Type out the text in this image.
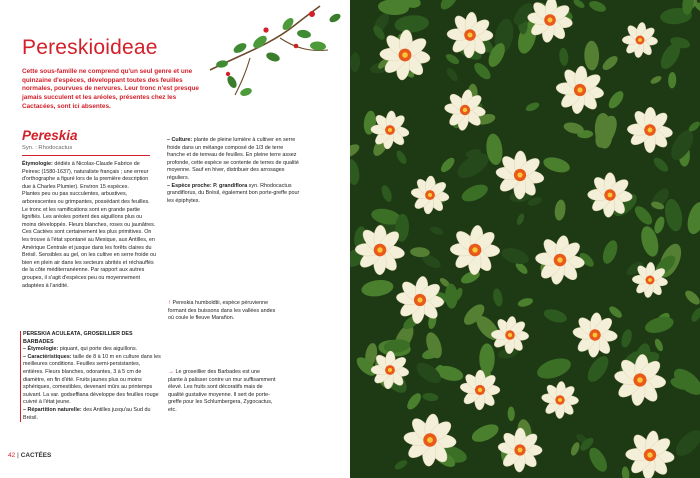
Pereskioideae

Cette sous-famille ne comprend qu'un seul genre et une quinzaine d'espèces, développant toutes des feuilles normales, pourvues de nervures. Leur tronc n'est presque jamais succulent et les aréoles, présentes chez les Cactacées, sont ici absentes.

Pereskia
Syn. : Rhodocactus

Étymologie: dédiés à Nicolas-Claude Fabrice de Peiresc (1580-1637), naturaliste français ; une erreur d'orthographe a figuré lors de la première description due à Charles Plumier). Environ 15 espèces.

Plantes peu ou pas succulentes, arbustives, arborescentes ou grimpantes, possédant des feuilles.

Le tronc et les ramifications sont en grande partie lignifiés. Les aréoles portent des aiguillons plus ou moins développés. Fleurs blanches, roses ou jaunâtres. Ces Cactées sont certainement les plus primitives. On les trouve à l'état spontané au Mexique, aux Antilles, en Amérique Centrale et jusque dans les forêts claires du Brésil. Sensibles au gel, on les cultive en serre froide ou bien en plein air dans les secteurs abrités et réchauffés de la côte méditerranéenne. Par rapport aux autres groupes, il s'agit d'espèces peu ou moyennement adaptées à l'aridité.

– Culture: plante de pleine lumière à cultiver en serre froide dans un mélange composé de 1/3 de terre franche et de terreau de feuilles. En pleine terre assez profonde, cette espèce se contente de terres de qualité moyenne. Sauf en hiver, distribuer des arrosages réguliers.

– Espèce proche: P. grandiflora syn. Rhodocactus grandiflorus, du Brésil, également bon porte-greffe pour les épiphytes.

PERESKIA ACULEATA, GROSEILLIER DES BARBADES
– Étymologie: piquant, qui porte des aiguillons.
– Caractéristiques: taille de 8 à 10 m en culture dans les meilleures conditions. Feuilles semi-persistantes, entières. Fleurs blanches, odorantes, 3 à 5 cm de diamètre, en fin d'été. Fruits jaunes plus ou moins sphériques, comestibles, devenant mûrs au printemps suivant. La var. godseffiana développe des feuilles rouge cuivré à l'état jeune.
– Répartition naturelle: des Antilles jusqu'au Sud du Brésil.
↑ Pereskia humboldtii, espèce péruvienne formant des buissons dans les vallées andes où coule le fleuve Marañon.
→ Le groseillier des Barbades est une plante à palisser contre un mur suffisamment élevé. Les fruits sont décoratifs mais de qualité gustative moyenne. Il sert de porte-greffe pour les Schlumbergera, Zygocactus, etc.
42 | CACTÉES
